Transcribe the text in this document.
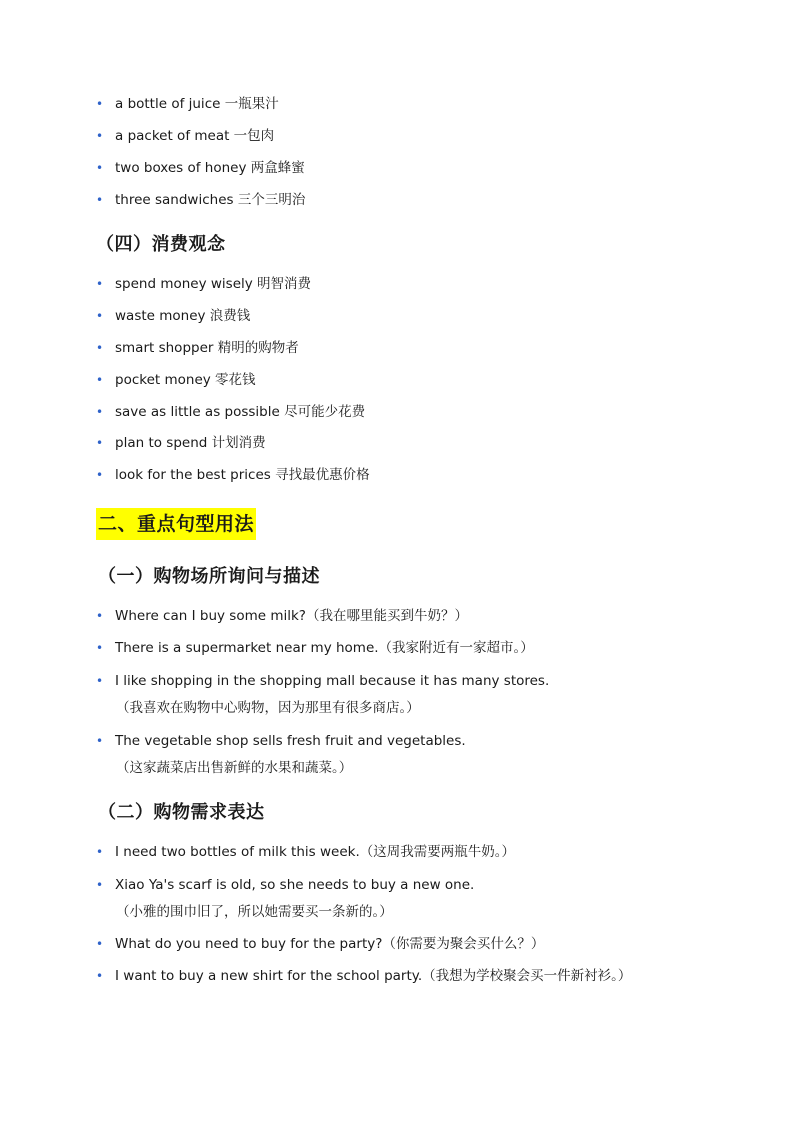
• a bottle of juice 一瓶果汁
• a packet of meat 一包肉
• two boxes of honey 两盒蜂蜜
• three sandwiches 三个三明治
（四）消费观念
• spend money wisely 明智消费
• waste money 浪费钱
• smart shopper 精明的购物者
• pocket money 零花钱
• save as little as possible 尽可能少花费
• plan to spend 计划消费
• look for the best prices 寻找最优惠价格
二、重点句型用法
（一）购物场所询问与描述
• Where can I buy some milk?（我在哪里能买到牛奶？）
• There is a supermarket near my home.（我家附近有一家超市。）
• I like shopping in the shopping mall because it has many stores.
（我喜欢在购物中心购物，因为那里有很多商店。）
• The vegetable shop sells fresh fruit and vegetables.
（这家蔬菜店出售新鲜的水果和蔬菜。）
（二）购物需求表达
• I need two bottles of milk this week.（这周我需要两瓶牛奶。）
• Xiao Ya's scarf is old, so she needs to buy a new one.
（小雅的围巾旧了，所以她需要买一条新的。）
• What do you need to buy for the party?（你需要为聚会买什么？）
• I want to buy a new shirt for the school party.（我想为学校聚会买一件新衬衫。）
